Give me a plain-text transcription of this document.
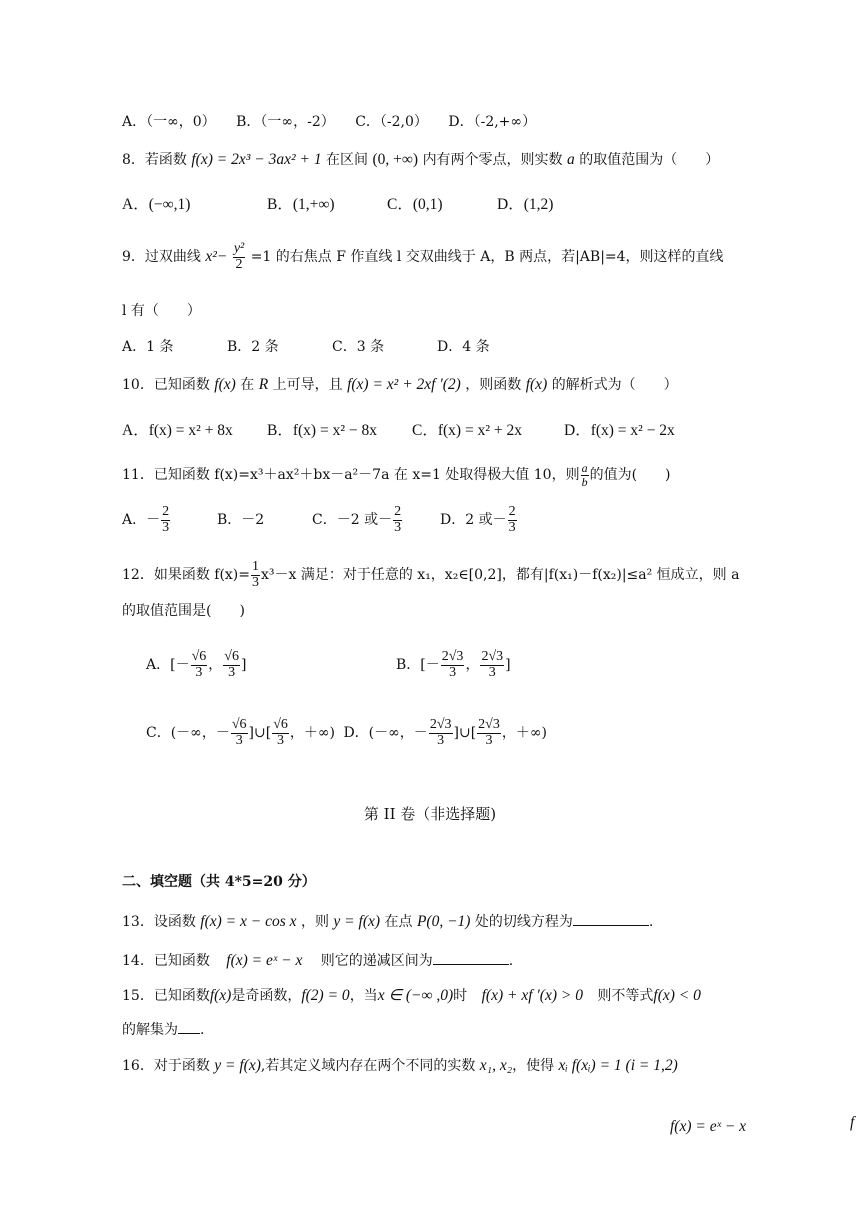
A．（一∞，0） B．（一∞，-2） C．（-2,0） D．（-2,+∞）
8．若函数 f(x) = 2x³ − 3ax² + 1 在区间 (0, +∞) 内有两个零点，则实数 a 的取值范围为（　　）
A．(−∞,1)	B．(1,+∞)	C．(0,1)	D．(1,2)
9．过双曲线 $x^2- \frac{\text{y²}}{2} =1$ 的右焦点 F 作直线 l 交双曲线于 A，B 两点，若|AB|=4，则这样的直线
l 有（　　）
A．1 条	B．2 条	C．3 条	D．4 条
10．已知函数 f(x) 在 R 上可导，且 f(x) = x² + 2xf ′(2) ，则函数 f(x) 的解析式为（　　）
A．f(x) = x² + 8x B．f(x) = x² − 8x C．f(x) = x² + 2x	D．f(x) = x² − 2x
11．已知函数 f(x)=x³＋ax²＋bx－a²－7a 在 x=1 处取得极大值 10，则 $\frac{a}{b}$ 的值为(　　)
A．－ $\frac{2}{3}$	B．－2	C．－2 或－ $\frac{2}{3}$	D．2 或－ $\frac{2}{3}$
12．如果函数 $f(x)= \frac{1}{3} x^3-x$ 满足：对于任意的 x₁，x₂∈[0,2]，都有|f(x₁)－f(x₂)|≤a² 恒成立，则 a
的取值范围是(　　)
A．[－ $\frac{√6}{3}$ ， $\frac{√6}{3}$ ]	B．[－ $\frac{2√3}{3}$ ， $\frac{2√3}{3}$ ]
C．(－∞，－ $\frac{√6}{3}$ ]∪[ $\frac{√6}{3}$ ，＋∞) D．(－∞，－ $\frac{2√3}{3}$ ]∪[ $\frac{2√3}{3}$ ，＋∞)
第 II 卷（非选择题)
二、填空题（共 4*5=20 分）
13．设函数 f(x) = x − cos x ，则 y = f(x) 在点 P(0, −1) 处的切线方程为	.
14．已知函数 f(x) = eˣ − x 则它的递减区间为	.
15．已知函数f(x)是奇函数，f(2) = 0，当x ∈ (−∞ ,0)时 f(x) + xf ′(x) > 0 则不等式f(x) < 0
的解集为 .
16．对于函数 y = f(x),若其定义域内存在两个不同的实数 x₁, x₂，使得 xᵢ f(xᵢ) = 1 (i = 1,2)
f(x) = eˣ − x	f
